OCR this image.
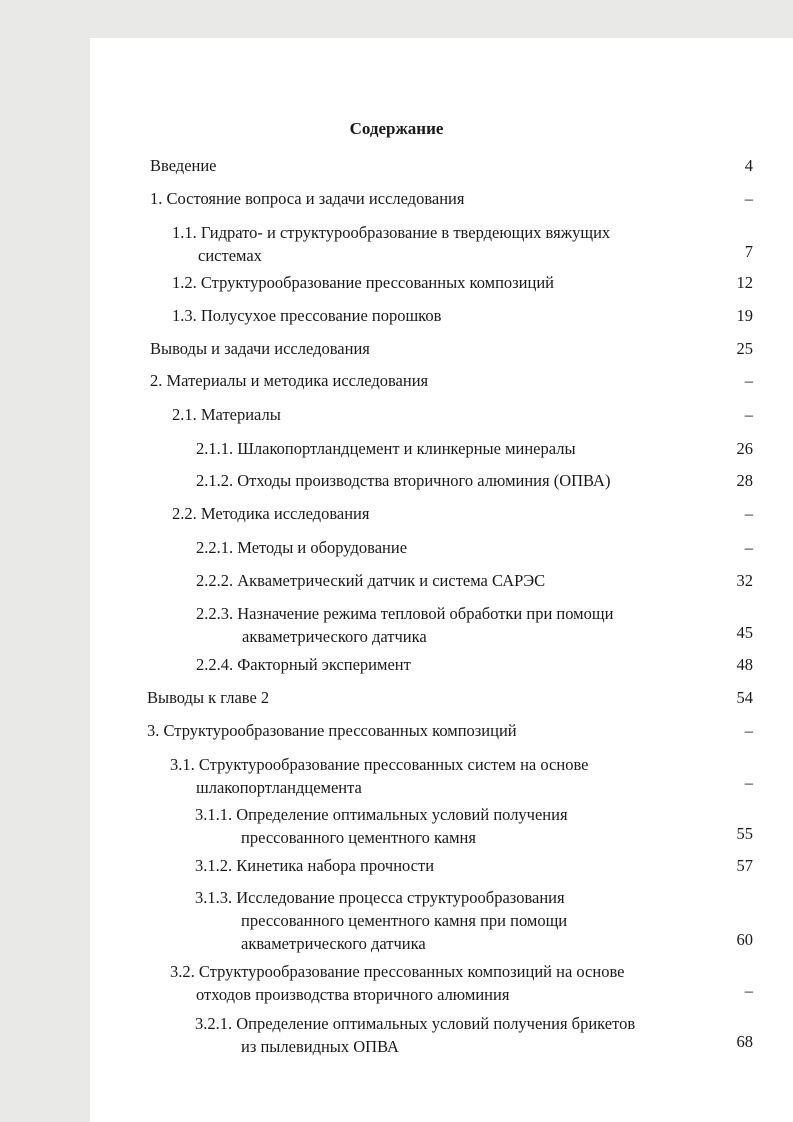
Содержание
Введение	4
1. Состояние вопроса и задачи исследования	–
1.1. Гидрато- и структурообразование в твердеющих вяжущих
системах	7
1.2. Структурообразование прессованных композиций	12
1.3. Полусухое прессование порошков	19
Выводы и задачи исследования	25
2. Материалы и методика исследования	–
2.1. Материалы	–
2.1.1. Шлакопортландцемент и клинкерные минералы	26
2.1.2. Отходы производства вторичного алюминия (ОПВА)	28
2.2. Методика исследования	–
2.2.1. Методы и оборудование	–
2.2.2. Акваметрический датчик и система САРЭС	32
2.2.3. Назначение режима тепловой обработки при помощи
акваметрического датчика	45
2.2.4. Факторный эксперимент	48
Выводы к главе 2	54
3. Структурообразование прессованных композиций	–
3.1. Структурообразование прессованных систем на основе
шлакопортландцемента	–
3.1.1. Определение оптимальных условий получения
прессованного цементного камня	55
3.1.2. Кинетика набора прочности	57
3.1.3. Исследование процесса структурообразования
прессованного цементного камня при помощи
акваметрического датчика	60
3.2. Структурообразование прессованных композиций на основе
отходов производства вторичного алюминия	–
3.2.1. Определение оптимальных условий получения брикетов
из пылевидных ОПВА	68
